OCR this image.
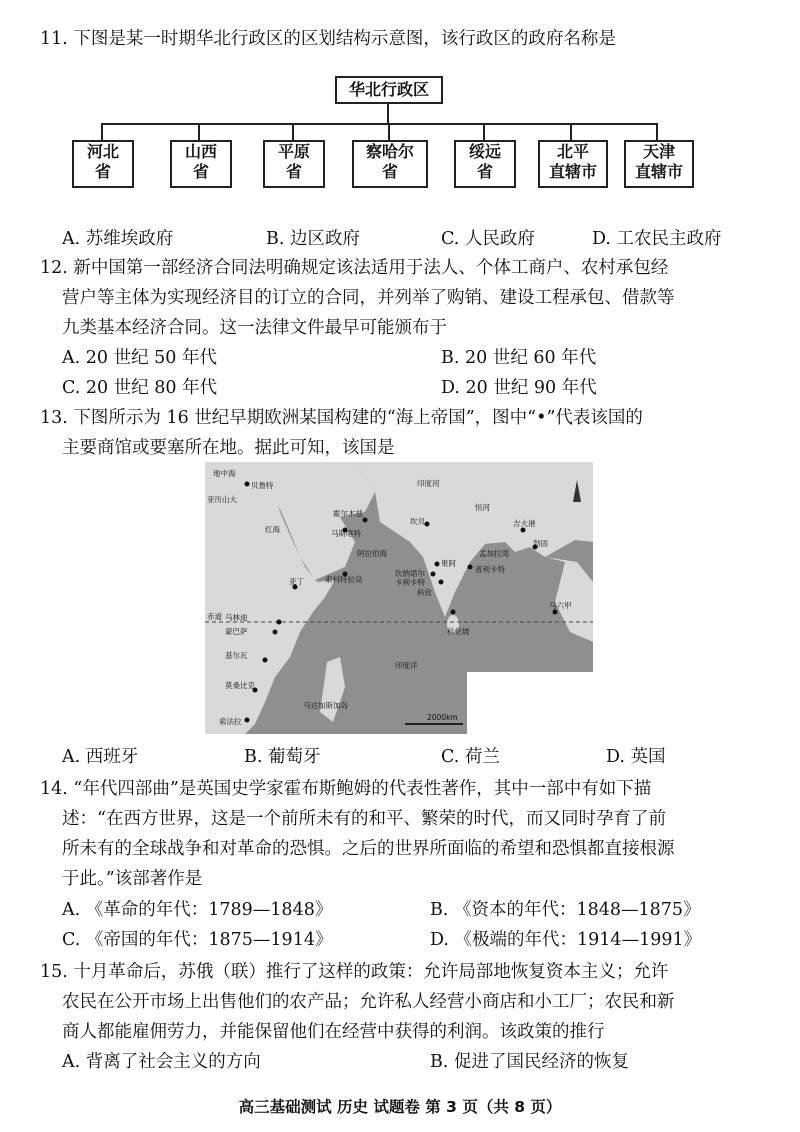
11. 下图是某一时期华北行政区的区划结构示意图，该行政区的政府名称是
华北行政区
河北
省
山西
省
平原
省
察哈尔
省
绥远
省
北平
直辖市
天津
直辖市
A. 苏维埃政府	B. 边区政府	C. 人民政府	D. 工农民主政府
12. 新中国第一部经济合同法明确规定该法适用于法人、个体工商户、农村承包经
营户等主体为实现经济目的订立的合同，并列举了购销、建设工程承包、借款等
九类基本经济合同。这一法律文件最早可能颁布于
A. 20 世纪 50 年代	B. 20 世纪 60 年代
C. 20 世纪 80 年代	D. 20 世纪 90 年代
13. 下图所示为 16 世纪早期欧洲某国构建的“海上帝国”，图中“•”代表该国的
主要商馆或要塞所在地。据此可知，该国是
地中海
亚历山大
贝鲁特
霍尔木兹
马斯喀特
印度河
恒河
红海
阿拉伯海
亚丁	索科特拉岛
坎贝
果阿
坎纳诺尔
卡利卡特
科钦
科伦坡
孟加拉湾
吉大港
勃固
普利卡特
马六甲
赤道 马林迪
蒙巴萨
基尔瓦
莫桑比克
索法拉
马达加斯加岛
印度洋
2000km
A. 西班牙	B. 葡萄牙	C. 荷兰	D. 英国
14. “年代四部曲”是英国史学家霍布斯鲍姆的代表性著作，其中一部中有如下描
述：“在西方世界，这是一个前所未有的和平、繁荣的时代，而又同时孕育了前
所未有的全球战争和对革命的恐惧。之后的世界所面临的希望和恐惧都直接根源
于此。”该部著作是
A. 《革命的年代：1789—1848》	B. 《资本的年代：1848—1875》
C. 《帝国的年代：1875—1914》	D. 《极端的年代：1914—1991》
15. 十月革命后，苏俄（联）推行了这样的政策：允许局部地恢复资本主义；允许
农民在公开市场上出售他们的农产品；允许私人经营小商店和小工厂；农民和新
商人都能雇佣劳力，并能保留他们在经营中获得的利润。该政策的推行
A. 背离了社会主义的方向	B. 促进了国民经济的恢复
高三基础测试 历史 试题卷 第 3 页（共 8 页）
